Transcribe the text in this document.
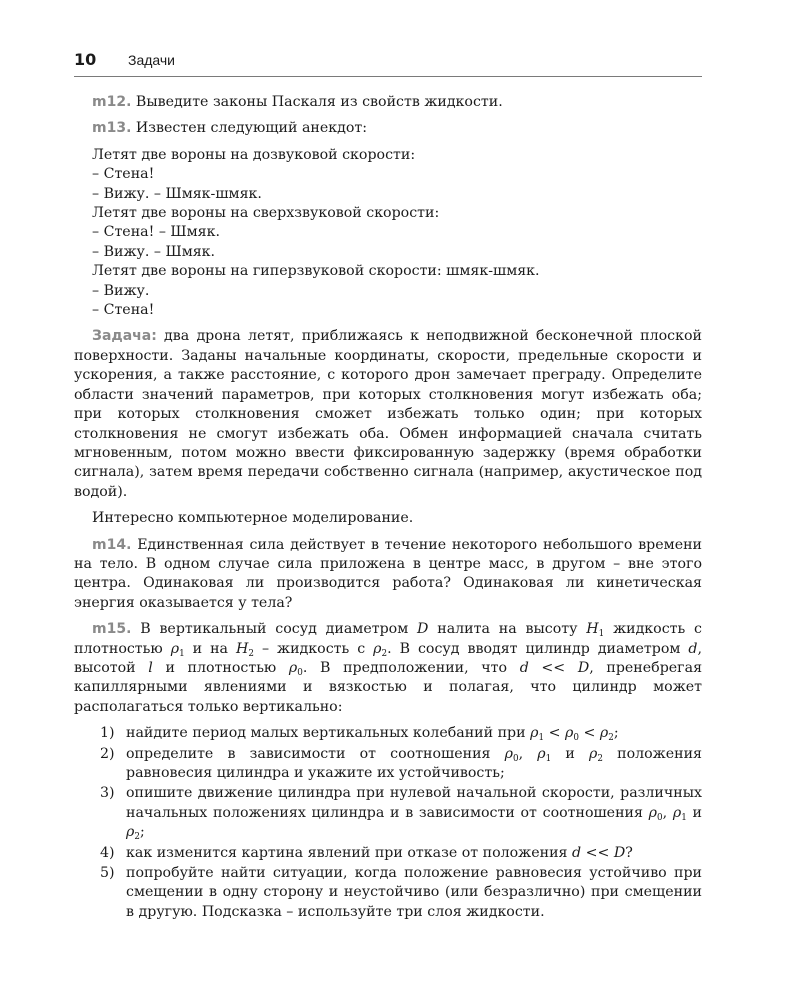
10 Задачи

m12. Выведите законы Паскаля из свойств жидкости.

m13. Известен следующий анекдот:

Летят две вороны на дозвуковой скорости:

– Стена!

– Вижу. – Шмяк-шмяк.

Летят две вороны на сверхзвуковой скорости:

– Стена! – Шмяк.

– Вижу. – Шмяк.

Летят две вороны на гиперзвуковой скорости: шмяк-шмяк.

– Вижу.

– Стена!

Задача: два дрона летят, приближаясь к неподвижной бесконечной плоской поверхности. Заданы начальные координаты, скорости, предельные скорости и ускорения, а также расстояние, с которого дрон замечает преграду. Определите области значений параметров, при которых столкновения могут избежать оба; при которых столкновения сможет избежать только один; при которых столкновения не смогут избежать оба. Обмен информацией сначала считать мгновенным, потом можно ввести фиксированную задержку (время обработки сигнала), затем время передачи собственно сигнала (например, акустическое под водой).

Интересно компьютерное моделирование.

m14. Единственная сила действует в течение некоторого небольшого времени на тело. В одном случае сила приложена в центре масс, в другом – вне этого центра. Одинаковая ли производится работа? Одинаковая ли кинетическая энергия оказывается у тела?

m15. В вертикальный сосуд диаметром D налита на высоту $H_1$ жидкость с плотностью $\rho_1$ и на $H_2$ – жидкость с $\rho_2$. В сосуд вводят цилиндр диаметром d, высотой l и плотностью $\rho_0$. В предположении, что d << D, пренебрегая капиллярными явлениями и вязкостью и полагая, что цилиндр может располагаться только вертикально:

1) найдите период малых вертикальных колебаний при $\rho_1 < \rho_0 < \rho_2$;
2) определите в зависимости от соотношения $\rho_0$, $\rho_1$ и $\rho_2$ положения равновесия цилиндра и укажите их устойчивость;
3) опишите движение цилиндра при нулевой начальной скорости, различных начальных положениях цилиндра и в зависимости от соотношения $\rho_0$, $\rho_1$ и $\rho_2$;
4) как изменится картина явлений при отказе от положения d << D?
5) попробуйте найти ситуации, когда положение равновесия устойчиво при смещении в одну сторону и неустойчиво (или безразлично) при смещении в другую. Подсказка – используйте три слоя жидкости.
